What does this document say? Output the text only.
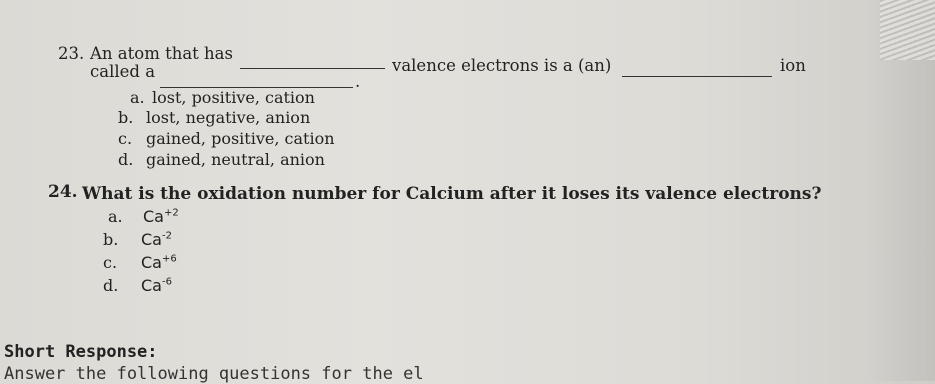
23. An atom that has
valence electrons is a (an)	ion
called a
.
a. lost, positive, cation
b. lost, negative, anion
c. gained, positive, cation
d. gained, neutral, anion
24. What is the oxidation number for Calcium after it loses its valence electrons?
a. $Ca^{+2}$
b. $Ca^{-2}$
c. $Ca^{+6}$
d. $Ca^{-6}$
Short Response:
Answer the following questions for the el
